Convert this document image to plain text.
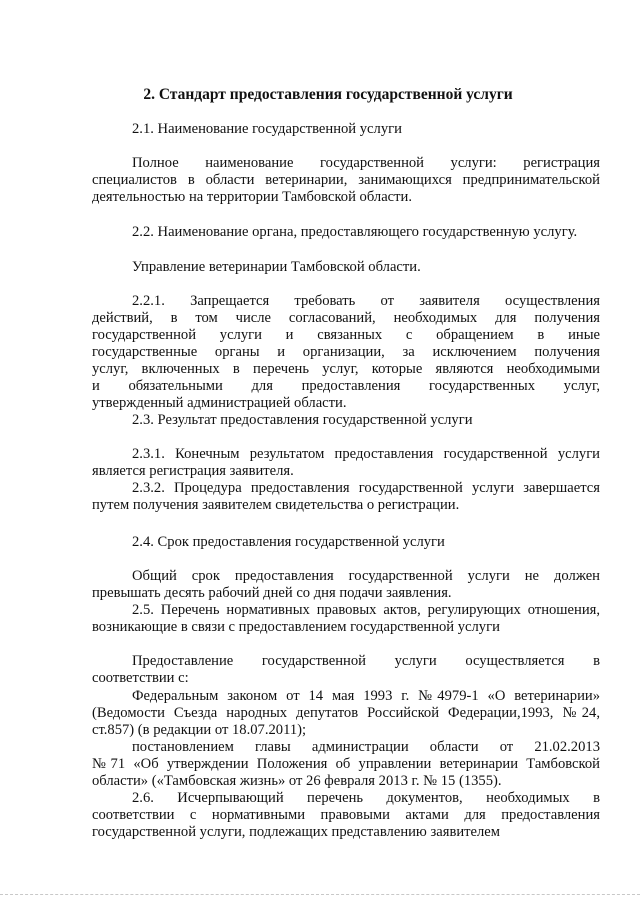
2. Стандарт предоставления государственной услуги

2.1. Наименование государственной услуги

Полное наименование государственной услуги: регистрация

специалистов в области ветеринарии, занимающихся предпринимательской

деятельностью на территории Тамбовской области.

2.2. Наименование органа, предоставляющего государственную услугу.

Управление ветеринарии Тамбовской области.

2.2.1. Запрещается требовать от заявителя осуществления

действий, в том числе согласований, необходимых для получения

государственной услуги и связанных с обращением в иные

государственные органы и организации, за исключением получения

услуг, включенных в перечень услуг, которые являются необходимыми

и обязательными для предоставления государственных услуг,

утвержденный администрацией области.

2.3. Результат предоставления государственной услуги

2.3.1. Конечным результатом предоставления государственной услуги

является регистрация заявителя.

2.3.2. Процедура предоставления государственной услуги завершается

путем получения заявителем свидетельства о регистрации.

2.4. Срок предоставления государственной услуги

Общий срок предоставления государственной услуги не должен

превышать десять рабочий дней со дня подачи заявления.

2.5. Перечень нормативных правовых актов, регулирующих отношения,

возникающие в связи с предоставлением государственной услуги

Предоставление государственной услуги осуществляется в

соответствии с:

Федеральным законом от 14 мая 1993 г. №4979-1 «О ветеринарии»

(Ведомости Съезда народных депутатов Российской Федерации,1993, №24,

ст.857) (в редакции от 18.07.2011);

постановлением главы администрации области от 21.02.2013

№71 «Об утверждении Положения об управлении ветеринарии Тамбовской

области» («Тамбовская жизнь» от 26 февраля 2013 г. № 15 (1355).

2.6. Исчерпывающий перечень документов, необходимых в

соответствии с нормативными правовыми актами для предоставления

государственной услуги, подлежащих представлению заявителем
